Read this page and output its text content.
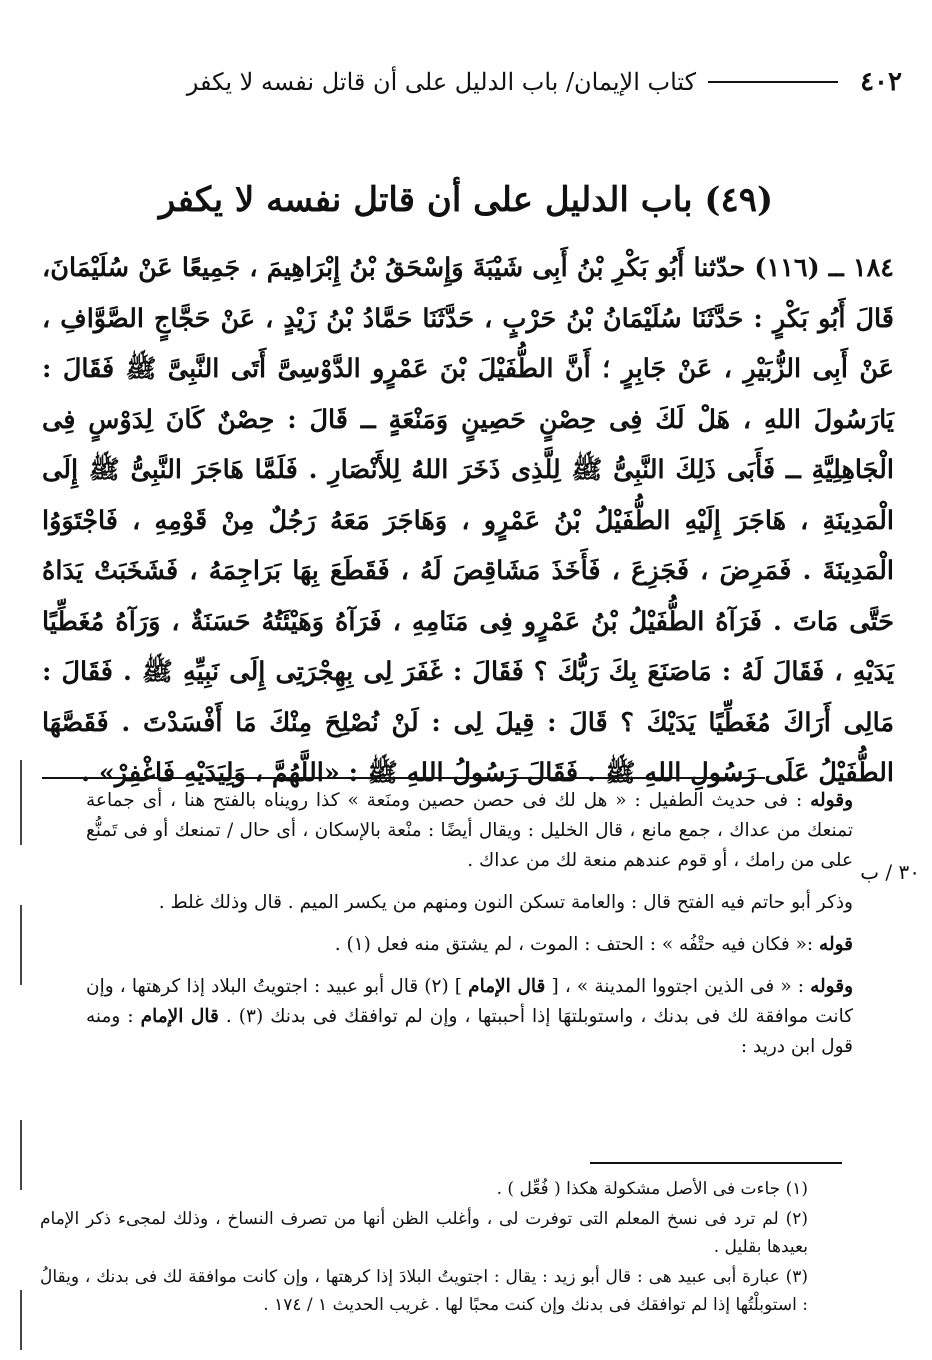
٤٠٢
كتاب الإيمان/ باب الدليل على أن قاتل نفسه لا يكفر
(٤٩) باب الدليل على أن قاتل نفسه لا يكفر
١٨٤ ــ (١١٦) حدّثنا أَبُو بَكْرِ بْنُ أَبِى شَيْبَةَ وَإِسْحَقُ بْنُ إِبْرَاهِيمَ ، جَمِيعًا عَنْ سُلَيْمَانَ، قَالَ أَبُو بَكْرٍ : حَدَّثَنَا سُلَيْمَانُ بْنُ حَرْبٍ ، حَدَّثَنَا حَمَّادُ بْنُ زَيْدٍ ، عَنْ حَجَّاجٍ الصَّوَّافِ ، عَنْ أَبِى الزُّبَيْرِ ، عَنْ جَابِرٍ ؛ أَنَّ الطُّفَيْلَ بْنَ عَمْرٍو الدَّوْسِىَّ أَتَى النَّبِىَّ ﷺ فَقَالَ : يَارَسُولَ اللهِ ، هَلْ لَكَ فِى حِصْنٍ حَصِينٍ وَمَنْعَةٍ ــ قَالَ : حِصْنٌ كَانَ لِدَوْسٍ فِى الْجَاهِلِيَّةِ ــ فَأَبَى ذَلِكَ النَّبِىُّ ﷺ لِلَّذِى ذَخَرَ اللهُ لِلأَنْصَارِ . فَلَمَّا هَاجَرَ النَّبِىُّ ﷺ إِلَى الْمَدِينَةِ ، هَاجَرَ إِلَيْهِ الطُّفَيْلُ بْنُ عَمْرٍو ، وَهَاجَرَ مَعَهُ رَجُلٌ مِنْ قَوْمِهِ ، فَاجْتَوَوُا الْمَدِينَةَ . فَمَرِضَ ، فَجَزِعَ ، فَأَخَذَ مَشَاقِصَ لَهُ ، فَقَطَعَ بِهَا بَرَاجِمَهُ ، فَشَخَبَتْ يَدَاهُ حَتَّى مَاتَ . فَرَآهُ الطُّفَيْلُ بْنُ عَمْرٍو فِى مَنَامِهِ ، فَرَآهُ وَهَيْئَتُهُ حَسَنَةٌ ، وَرَآهُ مُغَطِّيًا يَدَيْهِ ، فَقَالَ لَهُ : مَاصَنَعَ بِكَ رَبُّكَ ؟ فَقَالَ : غَفَرَ لِى بِهِجْرَتِى إِلَى نَبِيِّهِ ﷺ . فَقَالَ : مَالِى أَرَاكَ مُغَطِّيًا يَدَيْكَ ؟ قَالَ : قِيلَ لِى : لَنْ نُصْلِحَ مِنْكَ مَا أَفْسَدْتَ . فَقَصَّهَا الطُّفَيْلُ عَلَى رَسُولِ اللهِ ﷺ . فَقَالَ رَسُولُ اللهِ ﷺ : «اللَّهُمَّ ، وَلِيَدَيْهِ فَاغْفِرْ» .
٣٠ / ب

وقوله : فى حديث الطفيل : « هل لك فى حصن حصين ومنَعة » كذا رويناه بالفتح هنا ، أى جماعة تمنعك من عداك ، جمع مانع ، قال الخليل : ويقال أيضًا : منْعة بالإسكان ، أى حال / تمنعك أو فى تَمنُّع على من رامك ، أو قوم عندهم منعة لك من عداك .

وذكر أبو حاتم فيه الفتح قال : والعامة تسكن النون ومنهم من يكسر الميم . قال وذلك غلط .

قوله :« فكان فيه حتْفُه » : الحتف : الموت ، لم يشتق منه فعل (١) .

وقوله : « فى الذين اجتووا المدينة » ، [ قال الإمام ] (٢) قال أبو عبيد : اجتويتُ البلاد إذا كرهتها ، وإن كانت موافقة لك فى بدنك ، واستوبلتهَا إذا أحببتها ، وإن لم توافقك فى بدنك (٣) . قال الإمام : ومنه قول ابن دريد :

(١) جاءت فى الأصل مشكولة هكذا ( فُعِّل ) .

(٢) لم ترد فى نسخ المعلم التى توفرت لى ، وأغلب الظن أنها من تصرف النساخ ، وذلك لمجىء ذكر الإمام بعيدها بقليل .

(٣) عبارة أبى عبيد هى : قال أبو زيد : يقال : اجتويتُ البلادَ إذا كرهتها ، وإن كانت موافقة لك فى بدنك ، ويقالُ : استوبلْتُها إذا لم توافقك فى بدنك وإن كنت محبًا لها . غريب الحديث ١ / ١٧٤ .
